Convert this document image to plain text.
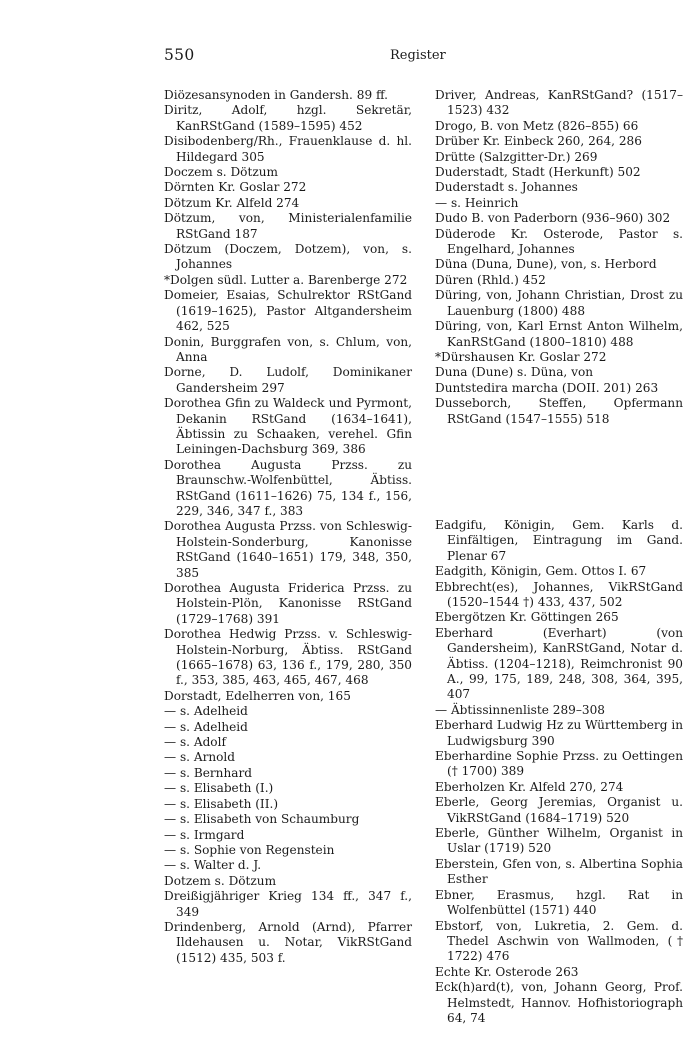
550	Register

Diözesansynoden in Gandersh. 89 ff.

Diritz, Adolf, hzgl. Sekretär, KanRStGand (1589–1595) 452

Disibodenberg/Rh., Frauenklause d. hl. Hildegard 305

Doczem s. Dötzum

Dörnten Kr. Goslar 272

Dötzum Kr. Alfeld 274

Dötzum, von, Ministerialenfamilie RStGand 187

Dötzum (Doczem, Dotzem), von, s. Johannes

*Dolgen südl. Lutter a. Barenberge 272

Domeier, Esaias, Schulrektor RStGand (1619–1625), Pastor Altgandersheim 462, 525

Donin, Burggrafen von, s. Chlum, von, Anna

Dorne, D. Ludolf, Dominikaner Gandersheim 297

Dorothea Gfin zu Waldeck und Pyrmont, Dekanin RStGand (1634–1641), Äbtissin zu Schaaken, verehel. Gfin Leiningen-Dachsburg 369, 386

Dorothea Augusta Przss. zu Braunschw.-Wolfenbüttel, Äbtiss. RStGand (1611–1626) 75, 134 f., 156, 229, 346, 347 f., 383

Dorothea Augusta Przss. von Schleswig-Holstein-Sonderburg, Kanonisse RStGand (1640–1651) 179, 348, 350, 385

Dorothea Augusta Friderica Przss. zu Holstein-Plön, Kanonisse RStGand (1729–1768) 391

Dorothea Hedwig Przss. v. Schleswig-Holstein-Norburg, Äbtiss. RStGand (1665–1678) 63, 136 f., 179, 280, 350 f., 353, 385, 463, 465, 467, 468

Dorstadt, Edelherren von, 165

— s. Adelheid

— s. Adelheid

— s. Adolf

— s. Arnold

— s. Bernhard

— s. Elisabeth (I.)

— s. Elisabeth (II.)

— s. Elisabeth von Schaumburg

— s. Irmgard

— s. Sophie von Regenstein

— s. Walter d. J.

Dotzem s. Dötzum

Dreißigjähriger Krieg 134 ff., 347 f., 349

Drindenberg, Arnold (Arnd), Pfarrer Ildehausen u. Notar, VikRStGand (1512) 435, 503 f.

Driver, Andreas, KanRStGand? (1517–1523) 432

Drogo, B. von Metz (826–855) 66

Drüber Kr. Einbeck 260, 264, 286

Drütte (Salzgitter-Dr.) 269

Duderstadt, Stadt (Herkunft) 502

Duderstadt s. Johannes

— s. Heinrich

Dudo B. von Paderborn (936–960) 302

Düderode Kr. Osterode, Pastor s. Engelhard, Johannes

Düna (Duna, Dune), von, s. Herbord

Düren (Rhld.) 452

Düring, von, Johann Christian, Drost zu Lauenburg (1800) 488

Düring, von, Karl Ernst Anton Wilhelm, KanRStGand (1800–1810) 488

*Dürshausen Kr. Goslar 272

Duna (Dune) s. Düna, von

Duntstedira marcha (DOII. 201) 263

Dusseborch, Steffen, Opfermann RStGand (1547–1555) 518

Eadgifu, Königin, Gem. Karls d. Einfältigen, Eintragung im Gand. Plenar 67

Eadgith, Königin, Gem. Ottos I. 67

Ebbrecht(es), Johannes, VikRStGand (1520–1544 †) 433, 437, 502

Ebergötzen Kr. Göttingen 265

Eberhard (Everhart) (von Gandersheim), KanRStGand, Notar d. Äbtiss. (1204–1218), Reimchronist 90 A., 99, 175, 189, 248, 308, 364, 395, 407

— Äbtissinnenliste 289–308

Eberhard Ludwig Hz zu Württemberg in Ludwigsburg 390

Eberhardine Sophie Przss. zu Oettingen († 1700) 389

Eberholzen Kr. Alfeld 270, 274

Eberle, Georg Jeremias, Organist u. VikRStGand (1684–1719) 520

Eberle, Günther Wilhelm, Organist in Uslar (1719) 520

Eberstein, Gfen von, s. Albertina Sophia Esther

Ebner, Erasmus, hzgl. Rat in Wolfenbüttel (1571) 440

Ebstorf, von, Lukretia, 2. Gem. d. Thedel Aschwin von Wallmoden, († 1722) 476

Echte Kr. Osterode 263

Eck(h)ard(t), von, Johann Georg, Prof. Helmstedt, Hannov. Hofhistoriograph 64, 74
